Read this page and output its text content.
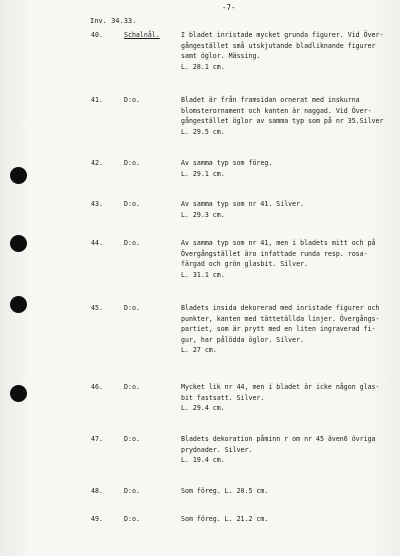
-7-
Inv. 34.33.
40.	Schalnål.	I bladet inristade mycket grunda figurer. Vid Över-
gångestället små utskjutande bladliknande figurer
samt öglor. Mässing.
L. 28.1 cm.
41.	D:o.	Bladet är från framsidan ornerat med inskurna
blomsterornament och kanten är naggad. Vid Över-
gångestället öglor av samma typ som på nr 35.Silver
L. 29.5 cm.
42.	D:o.	Av samma typ som föreg.
L. 29.1 cm.
43.	D:o.	Av samma typ som nr 41. Silver.
L. 29.3 cm.
44.	D:o.	Av samma typ som nr 41, men i bladets mitt och på
Övergångstället äro infattade runda resp. rosa-
färgad och grön glasbit. Silver.
L. 31.1 cm.
45.	D:o.	Bladets insida dekorerad med inristade figurer och
punkter, kanten med tättetällda linjer. Övergångs-
partiet, som är prytt med en liten ingraverad fi-
gur, har pålödda öglor. Silver.
L. 27 cm.
46.	D:o.	Mycket lik nr 44, men i bladet är icke någon glas-
bit fastsatt. Silver.
L. 29.4 cm.
47.	D:o.	Bladets dekoration påminn r om nr 45 även6 övriga
prydnader. Silver.
L. 19.4 cm.
48.	D:o.	Som föreg. L. 20.5 cm.
49.	D:o.	Som föreg. L. 21.2 cm.
